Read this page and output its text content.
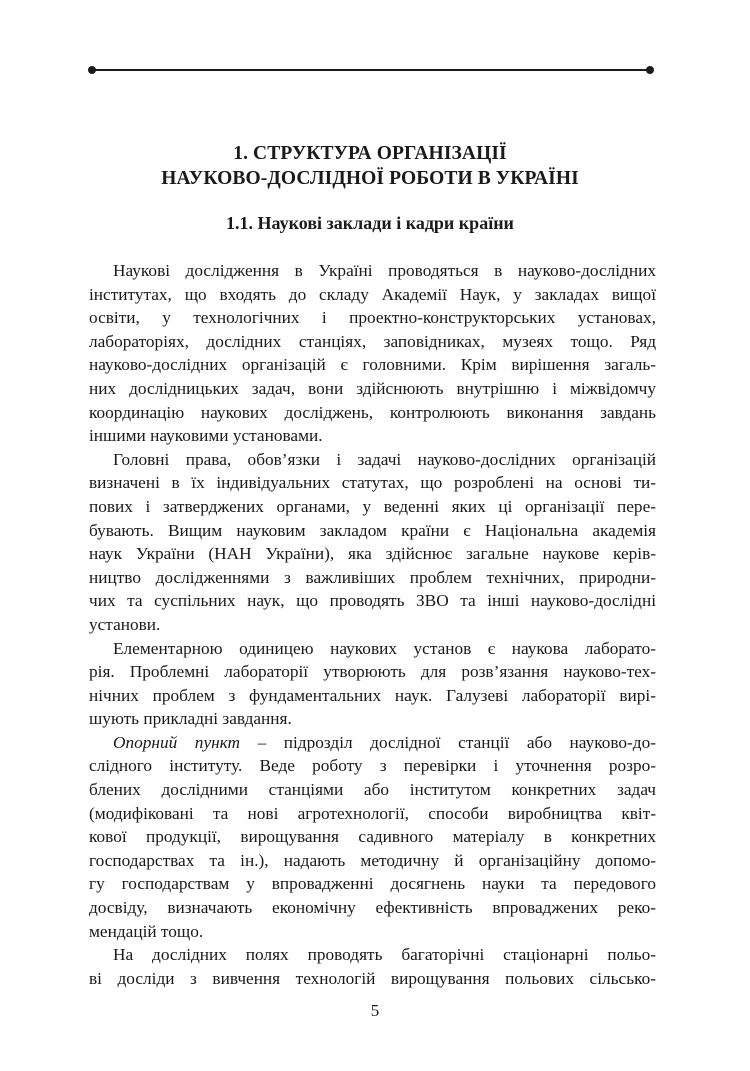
1. СТРУКТУРА ОРГАНІЗАЦІЇ
НАУКОВО-ДОСЛІДНОЇ РОБОТИ В УКРАЇНІ
1.1. Наукові заклади і кадри країни

Наукові дослідження в Україні проводяться в науково-дослідних
інститутах, що входять до складу Академії Наук, у закладах вищої
освіти, у технологічних і проектно-конструкторських установах,
лабораторіях, дослідних станціях, заповідниках, музеях тощо. Ряд
науково-дослідних організацій є головними. Крім вирішення загаль-
них дослідницьких задач, вони здійснюють внутрішню і міжвідомчу
координацію наукових досліджень, контролюють виконання завдань
іншими науковими установами.

Головні права, обов’язки і задачі науково-дослідних організацій
визначені в їх індивідуальних статутах, що розроблені на основі ти-
пових і затверджених органами, у веденні яких ці організації пере-
бувають. Вищим науковим закладом країни є Національна академія
наук України (НАН України), яка здійснює загальне наукове керів-
ництво дослідженнями з важливіших проблем технічних, природни-
чих та суспільних наук, що проводять ЗВО та інші науково-дослідні
установи.

Елементарною одиницею наукових установ є наукова лаборато-
рія. Проблемні лабораторії утворюють для розв’язання науково-тех-
нічних проблем з фундаментальних наук. Галузеві лабораторії вирі-
шують прикладні завдання.

Опорний пункт – підрозділ дослідної станції або науково-до-
слідного інституту. Веде роботу з перевірки і уточнення розро-
блених дослідними станціями або інститутом конкретних задач
(модифіковані та нові агротехнології, способи виробництва квіт-
кової продукції, вирощування садивного матеріалу в конкретних
господарствах та ін.), надають методичну й організаційну допомо-
гу господарствам у впровадженні досягнень науки та передового
досвіду, визначають економічну ефективність впроваджених реко-
мендацій тощо.

На дослідних полях проводять багаторічні стаціонарні польо-
ві досліди з вивчення технологій вирощування польових сільсько-

5
